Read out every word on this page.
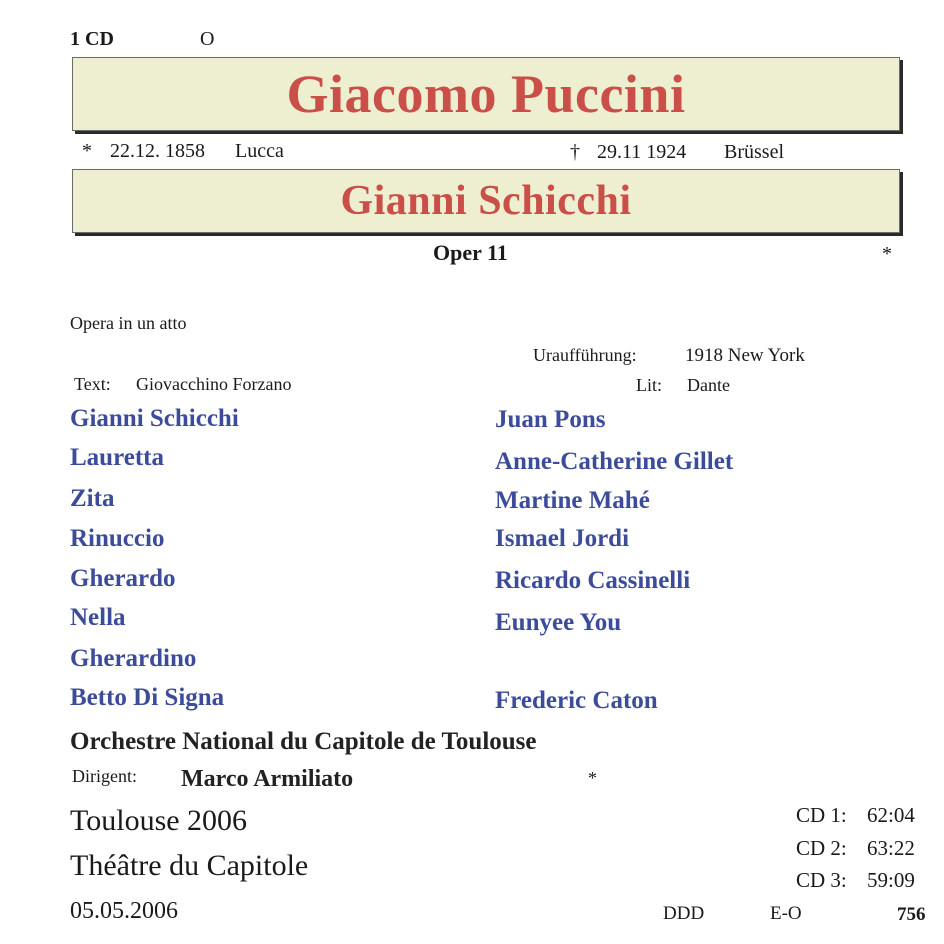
1 CD	O
Giacomo Puccini
* 22.12. 1858 Lucca	† 29.11 1924 Brüssel
Gianni Schicchi
Oper 11	*
Opera in un atto
Uraufführung:	1918 New York
Text: Giovacchino Forzano	Lit: Dante
Gianni Schicchi	Juan Pons
Lauretta	Anne-Catherine Gillet
Zita	Martine Mahé
Rinuccio	Ismael Jordi
Gherardo	Ricardo Cassinelli
Nella	Eunyee You
Gherardino
Betto Di Signa	Frederic Caton
Orchestre National du Capitole de Toulouse
Dirigent: Marco Armiliato	*
Toulouse 2006
Théâtre du Capitole
05.05.2006
CD 1: 62:04
CD 2: 63:22
CD 3: 59:09
DDD	E-O	756
